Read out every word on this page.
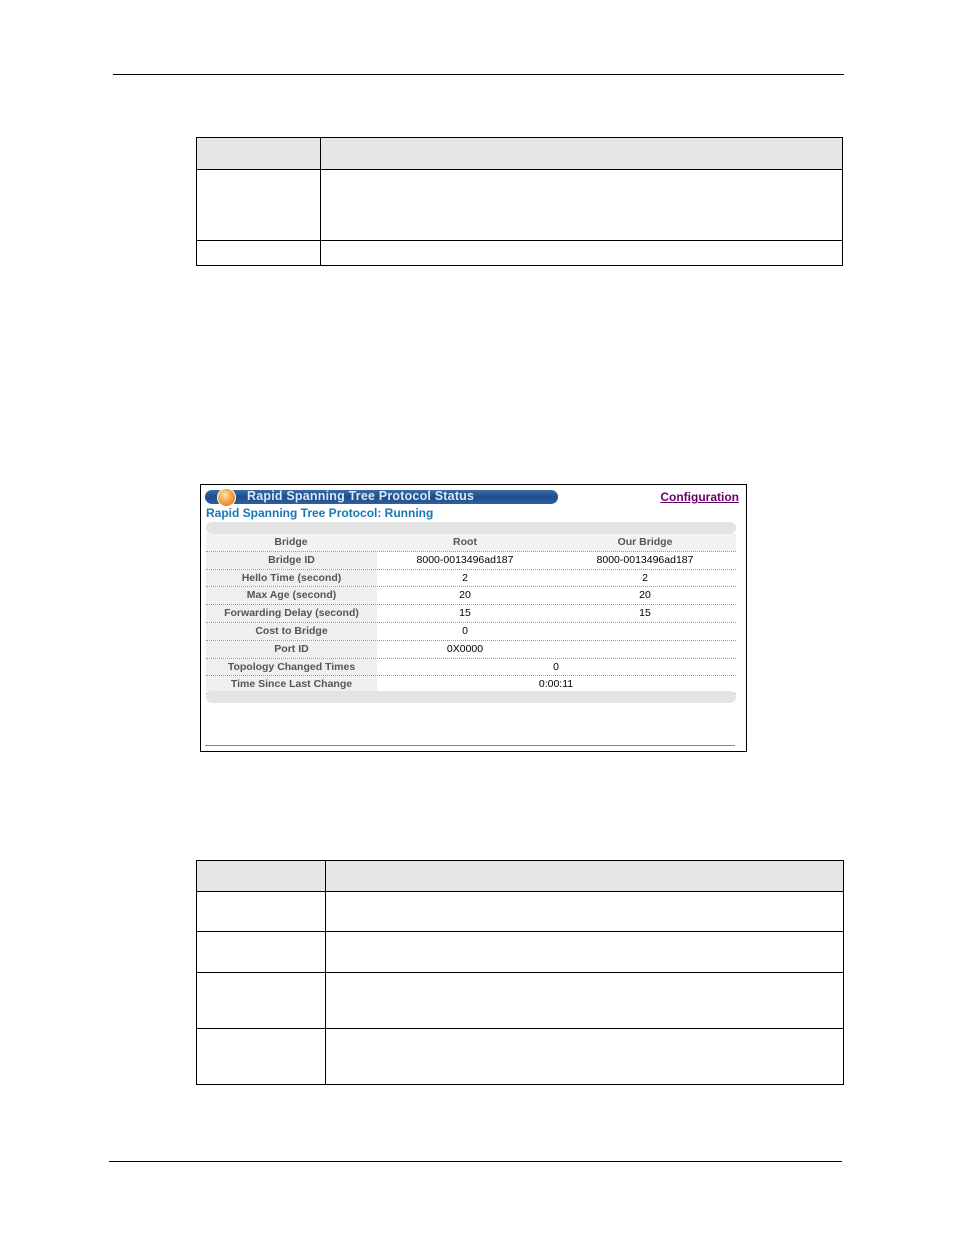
Rapid Spanning Tree Protocol Status	Configuration
Rapid Spanning Tree Protocol: Running
Bridge	Root	Our Bridge
Bridge ID	8000-0013496ad187	8000-0013496ad187
Hello Time (second)	2	2
Max Age (second)	20	20
Forwarding Delay (second)	15	15
Cost to Bridge	0
Port ID	0X0000
Topology Changed Times	0
Time Since Last Change	0:00:11
